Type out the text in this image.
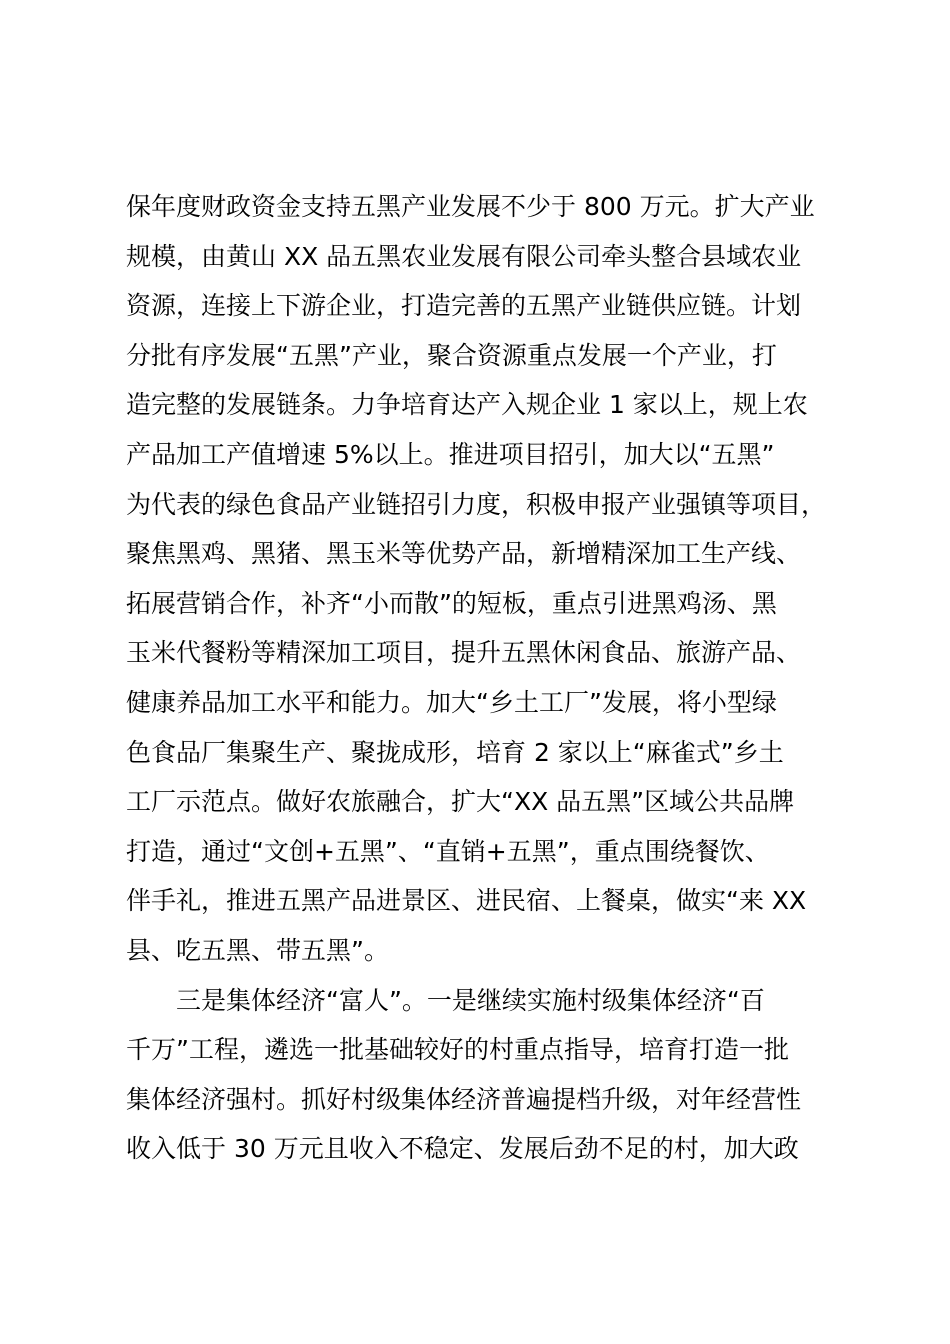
保年度财政资金支持五黑产业发展不少于 800 万元。扩大产业
规模，由黄山 XX 品五黑农业发展有限公司牵头整合县域农业
资源，连接上下游企业，打造完善的五黑产业链供应链。计划
分批有序发展“五黑”产业，聚合资源重点发展一个产业，打
造完整的发展链条。力争培育达产入规企业 1 家以上，规上农
产品加工产值增速 5%以上。推进项目招引，加大以“五黑”
为代表的绿色食品产业链招引力度，积极申报产业强镇等项目，
聚焦黑鸡、黑猪、黑玉米等优势产品，新增精深加工生产线、
拓展营销合作，补齐“小而散”的短板，重点引进黑鸡汤、黑
玉米代餐粉等精深加工项目，提升五黑休闲食品、旅游产品、
健康养品加工水平和能力。加大“乡土工厂”发展，将小型绿
色食品厂集聚生产、聚拢成形，培育 2 家以上“麻雀式”乡土
工厂示范点。做好农旅融合，扩大“XX 品五黑”区域公共品牌
打造，通过“文创+五黑”、“直销+五黑”，重点围绕餐饮、
伴手礼，推进五黑产品进景区、进民宿、上餐桌，做实“来 XX
县、吃五黑、带五黑”。
三是集体经济“富人”。一是继续实施村级集体经济“百
千万”工程，遴选一批基础较好的村重点指导，培育打造一批
集体经济强村。抓好村级集体经济普遍提档升级，对年经营性
收入低于 30 万元且收入不稳定、发展后劲不足的村，加大政
